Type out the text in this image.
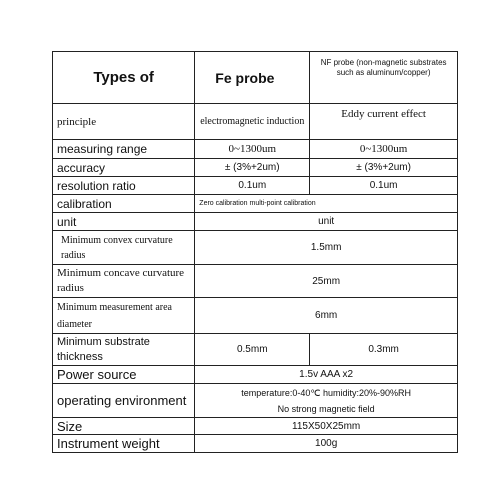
Types of	Fe probe	NF probe (non-magnetic substrates such as aluminum/copper)
principle	electromagnetic induction	Eddy current effect
measuring range	0~1300um	0~1300um
accuracy	± (3%+2um)	± (3%+2um)
resolution ratio	0.1um	0.1um
calibration	Zero calibration multi-point calibration	
unit	unit	
Minimum convex curvature radius	1.5mm	
Minimum concave curvature radius	25mm	
Minimum measurement area diameter	6mm	
Minimum substrate thickness	0.5mm	0.3mm
Power source	1.5v AAA x2	
operating environment	temperature:0-40℃ humidity:20%-90%RH
No strong magnetic field	

Size	115X50X25mm	
Instrument weight	100g	
